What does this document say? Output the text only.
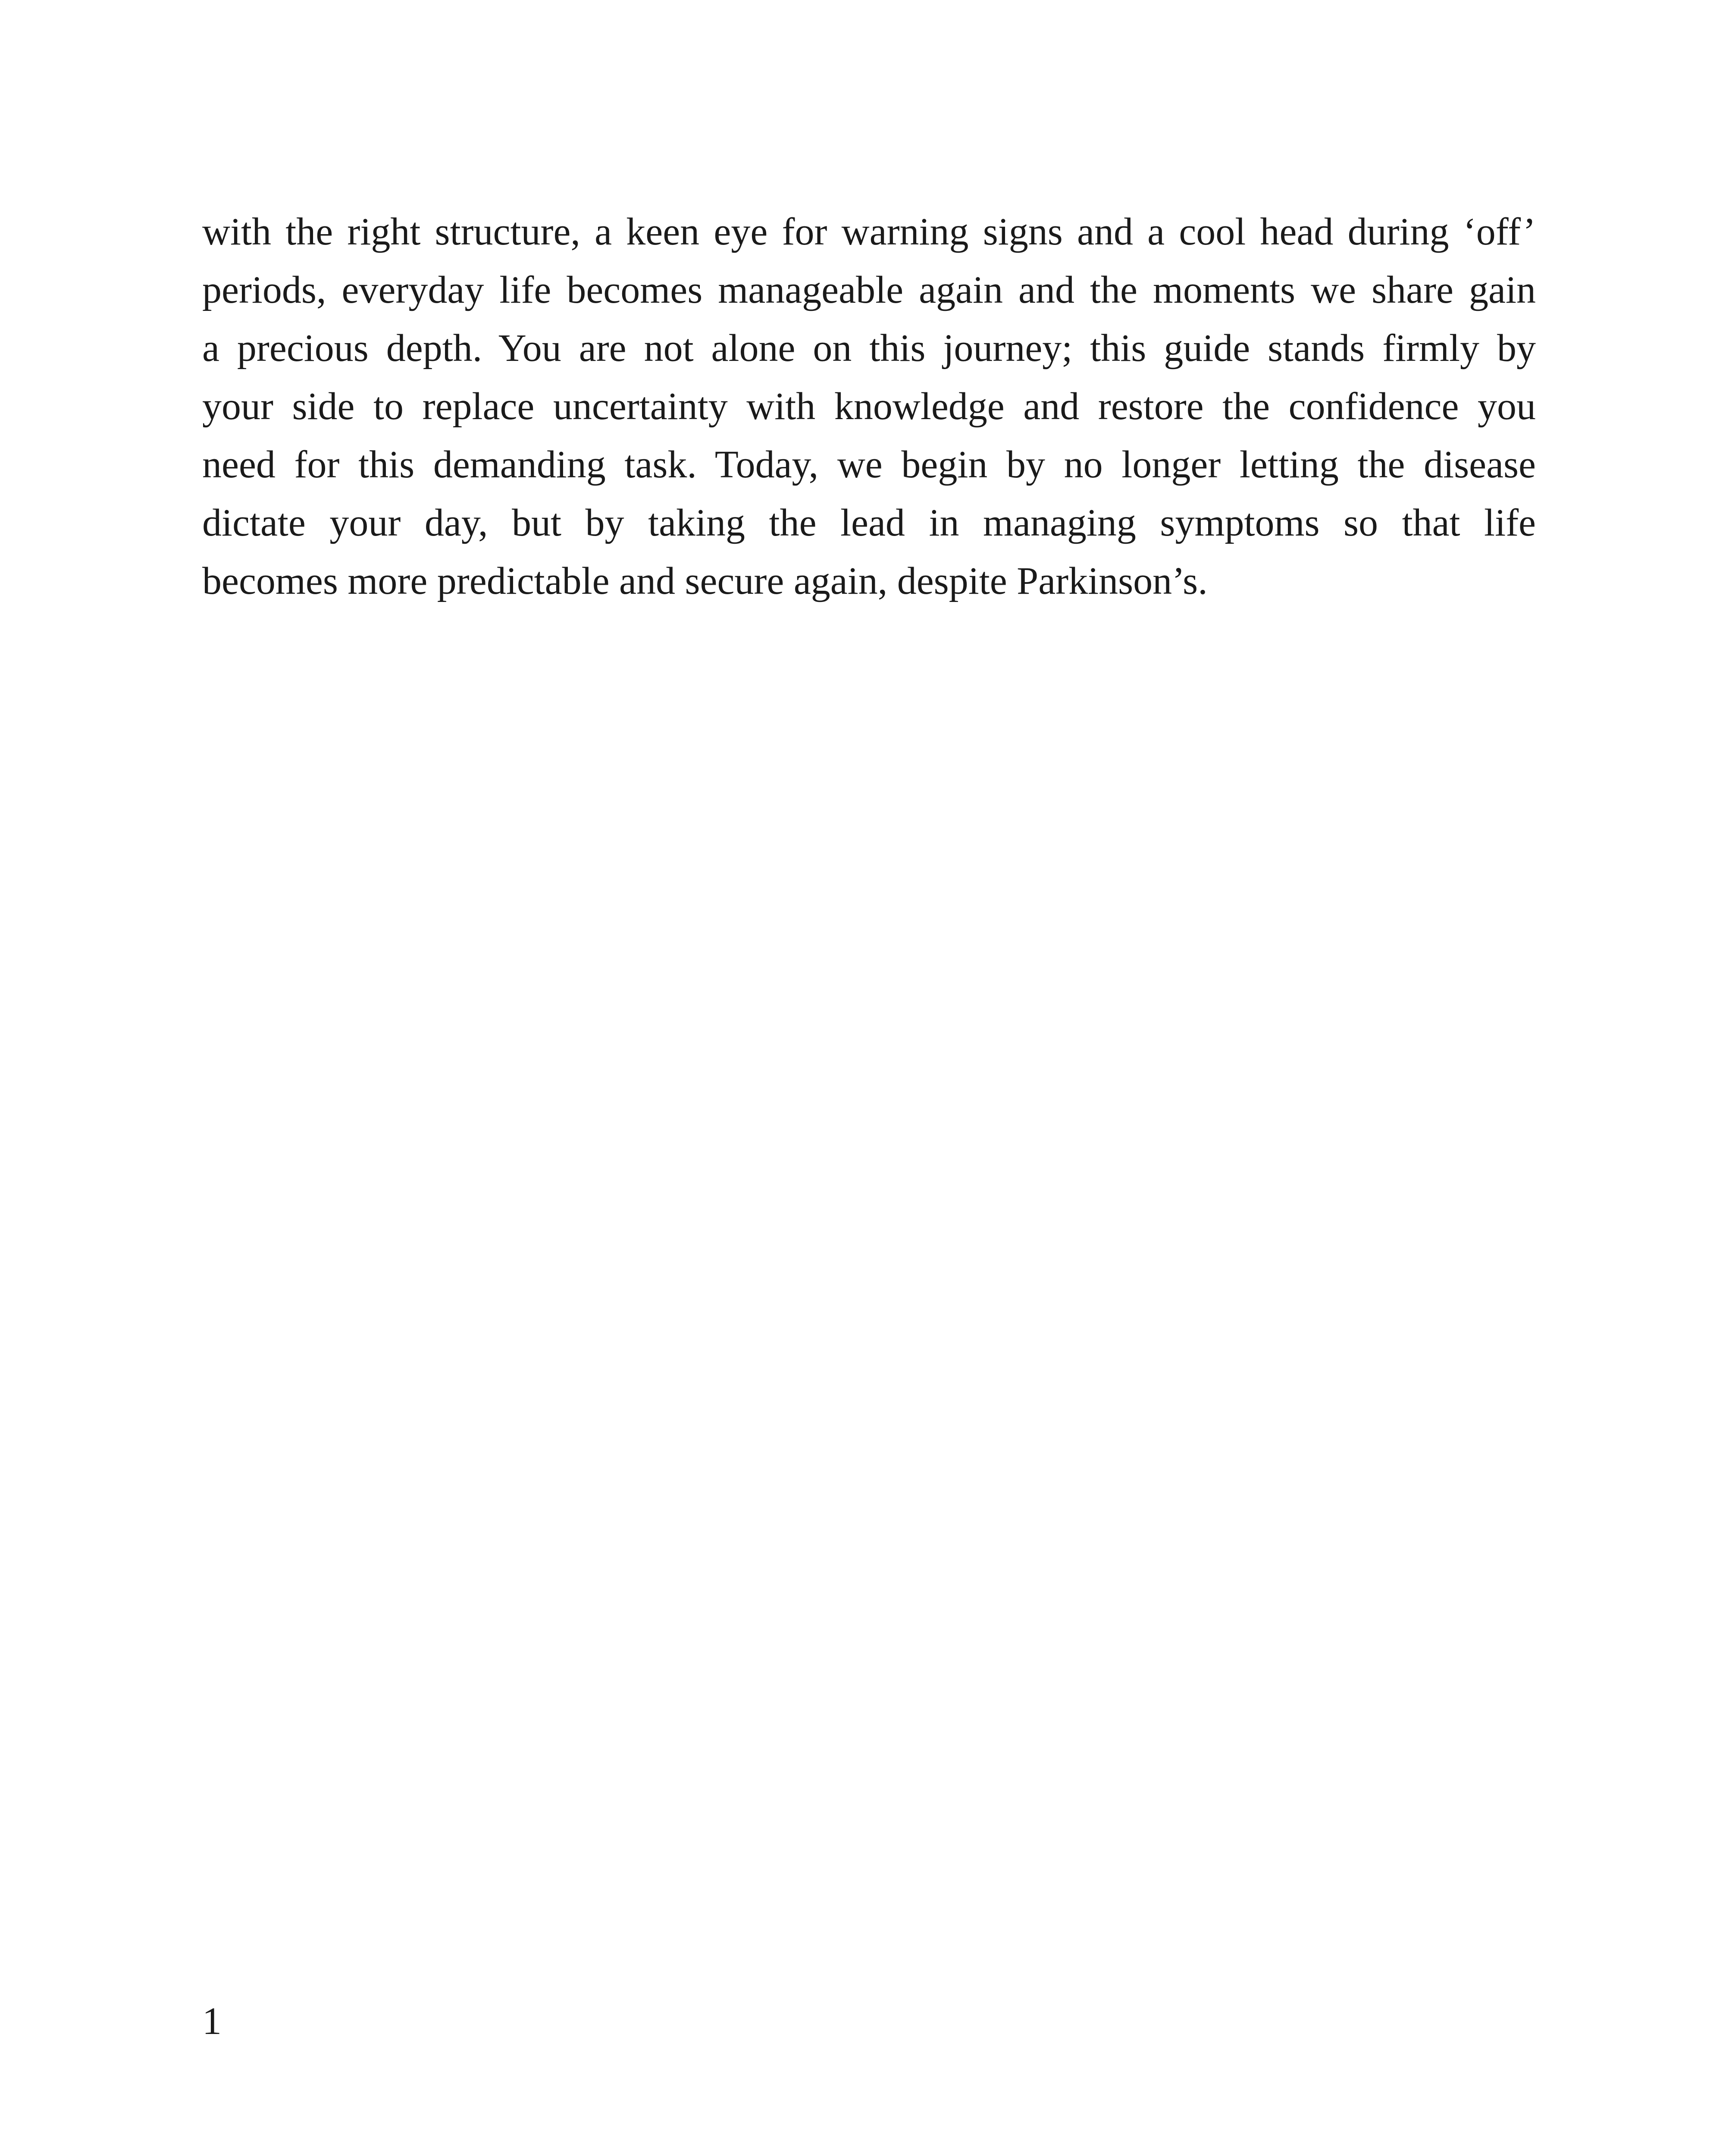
with the right structure, a keen eye for warning signs and a cool head during ‘off’
periods, everyday life becomes manageable again and the moments we share gain
a precious depth. You are not alone on this journey; this guide stands firmly by
your side to replace uncertainty with knowledge and restore the confidence you
need for this demanding task. Today, we begin by no longer letting the disease
dictate your day, but by taking the lead in managing symptoms so that life
becomes more predictable and secure again, despite Parkinson’s.

1
